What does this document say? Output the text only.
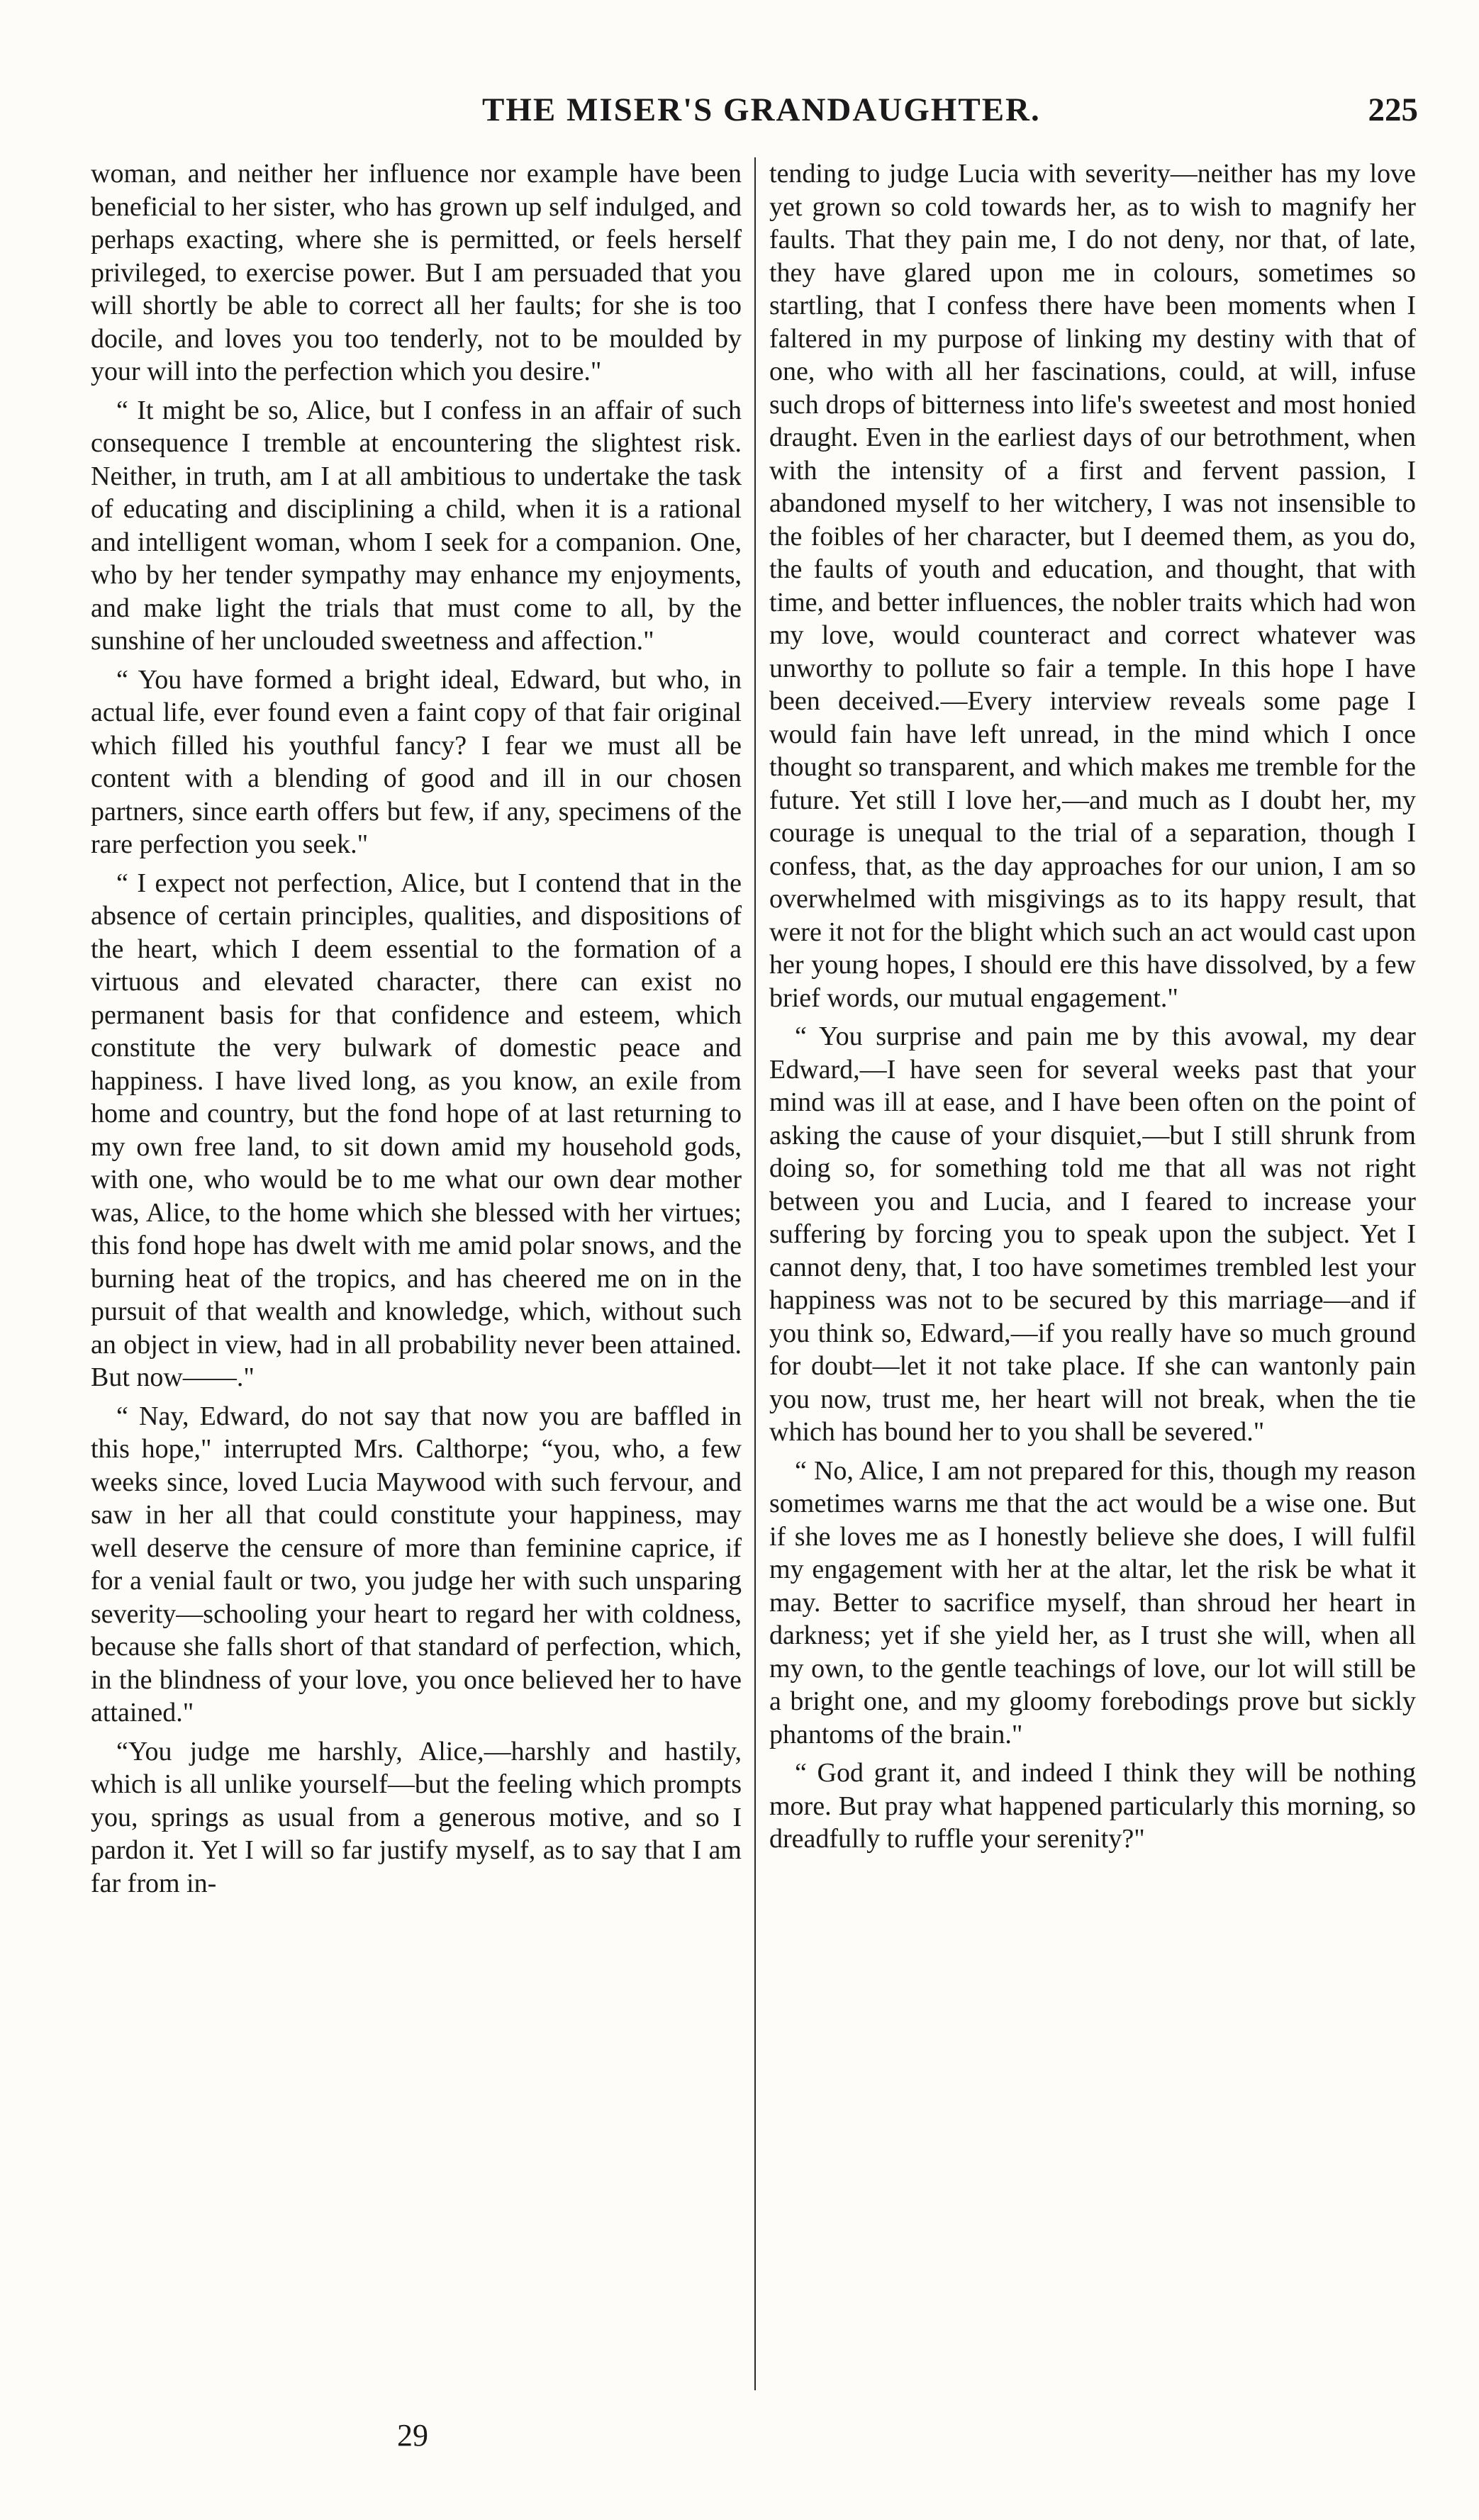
THE MISER'S GRANDAUGHTER.	225

woman, and neither her influence nor example have been beneficial to her sister, who has grown up self indulged, and perhaps exacting, where she is permitted, or feels herself privileged, to exercise power. But I am persuaded that you will shortly be able to correct all her faults; for she is too docile, and loves you too tenderly, not to be moulded by your will into the perfection which you desire."

“ It might be so, Alice, but I confess in an affair of such consequence I tremble at encountering the slightest risk. Neither, in truth, am I at all ambitious to undertake the task of educating and disciplining a child, when it is a rational and intelligent woman, whom I seek for a companion. One, who by her tender sympathy may enhance my enjoyments, and make light the trials that must come to all, by the sunshine of her unclouded sweetness and affection."

“ You have formed a bright ideal, Edward, but who, in actual life, ever found even a faint copy of that fair original which filled his youthful fancy? I fear we must all be content with a blending of good and ill in our chosen partners, since earth offers but few, if any, specimens of the rare perfection you seek."

“ I expect not perfection, Alice, but I contend that in the absence of certain principles, qualities, and dispositions of the heart, which I deem essential to the formation of a virtuous and elevated character, there can exist no permanent basis for that confidence and esteem, which constitute the very bulwark of domestic peace and happiness. I have lived long, as you know, an exile from home and country, but the fond hope of at last returning to my own free land, to sit down amid my household gods, with one, who would be to me what our own dear mother was, Alice, to the home which she blessed with her virtues; this fond hope has dwelt with me amid polar snows, and the burning heat of the tropics, and has cheered me on in the pursuit of that wealth and knowledge, which, without such an object in view, had in all probability never been attained. But now——."

“ Nay, Edward, do not say that now you are baffled in this hope," interrupted Mrs. Calthorpe; “you, who, a few weeks since, loved Lucia Maywood with such fervour, and saw in her all that could constitute your happiness, may well deserve the censure of more than feminine caprice, if for a venial fault or two, you judge her with such unsparing severity—schooling your heart to regard her with coldness, because she falls short of that standard of perfection, which, in the blindness of your love, you once believed her to have attained."

“You judge me harshly, Alice,—harshly and hastily, which is all unlike yourself—but the feeling which prompts you, springs as usual from a generous motive, and so I pardon it. Yet I will so far justify myself, as to say that I am far from in-

tending to judge Lucia with severity—neither has my love yet grown so cold towards her, as to wish to magnify her faults. That they pain me, I do not deny, nor that, of late, they have glared upon me in colours, sometimes so startling, that I confess there have been moments when I faltered in my purpose of linking my destiny with that of one, who with all her fascinations, could, at will, infuse such drops of bitterness into life's sweetest and most honied draught. Even in the earliest days of our betrothment, when with the intensity of a first and fervent passion, I abandoned myself to her witchery, I was not insensible to the foibles of her character, but I deemed them, as you do, the faults of youth and education, and thought, that with time, and better influences, the nobler traits which had won my love, would counteract and correct whatever was unworthy to pollute so fair a temple. In this hope I have been deceived.—Every interview reveals some page I would fain have left unread, in the mind which I once thought so transparent, and which makes me tremble for the future. Yet still I love her,—and much as I doubt her, my courage is unequal to the trial of a separation, though I confess, that, as the day approaches for our union, I am so overwhelmed with misgivings as to its happy result, that were it not for the blight which such an act would cast upon her young hopes, I should ere this have dissolved, by a few brief words, our mutual engagement."

“ You surprise and pain me by this avowal, my dear Edward,—I have seen for several weeks past that your mind was ill at ease, and I have been often on the point of asking the cause of your disquiet,—but I still shrunk from doing so, for something told me that all was not right between you and Lucia, and I feared to increase your suffering by forcing you to speak upon the subject. Yet I cannot deny, that, I too have sometimes trembled lest your happiness was not to be secured by this marriage—and if you think so, Edward,—if you really have so much ground for doubt—let it not take place. If she can wantonly pain you now, trust me, her heart will not break, when the tie which has bound her to you shall be severed."

“ No, Alice, I am not prepared for this, though my reason sometimes warns me that the act would be a wise one. But if she loves me as I honestly believe she does, I will fulfil my engagement with her at the altar, let the risk be what it may. Better to sacrifice myself, than shroud her heart in darkness; yet if she yield her, as I trust she will, when all my own, to the gentle teachings of love, our lot will still be a bright one, and my gloomy forebodings prove but sickly phantoms of the brain."

“ God grant it, and indeed I think they will be nothing more. But pray what happened particularly this morning, so dreadfully to ruffle your serenity?"

29
